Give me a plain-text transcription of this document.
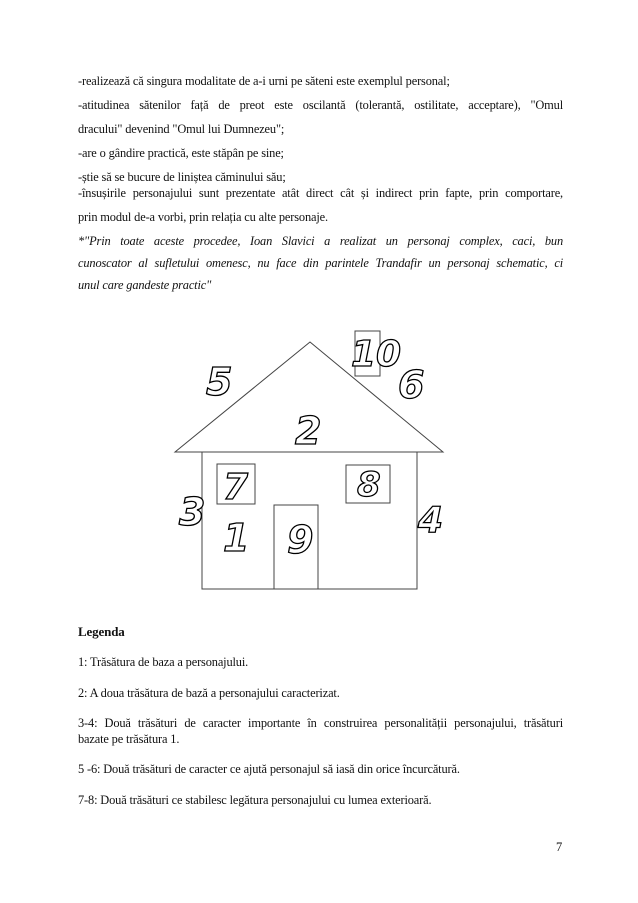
-realizează că singura modalitate de a-i urni pe săteni este exemplul personal;
-atitudinea sătenilor față de preot este oscilantă (tolerantă, ostilitate, acceptare), "Omul
dracului" devenind "Omul lui Dumnezeu";
-are o gândire practică, este stăpân pe sine;
-știe să se bucure de liniștea căminului său;
-însușirile personajului sunt prezentate atât direct cât și indirect prin fapte, prin comportare,
prin modul de-a vorbi, prin relația cu alte personaje.
*"Prin toate aceste procedee, Ioan Slavici a realizat un personaj complex, caci, bun
cunoscator al sufletului omenesc, nu face din parintele Trandafir un personaj schematic, ci
unul care gandeste practic"
5
10
6
2
7	8
3	4
1 9
Legenda
1: Trăsătura de baza a personajului.
2: A doua trăsătura de bază a personajului caracterizat.
3-4: Două trăsături de caracter importante în construirea personalității personajului, trăsături
bazate pe trăsătura 1.
5 -6: Două trăsături de caracter ce ajută personajul să iasă din orice încurcătură.
7-8: Două trăsături ce stabilesc legătura personajului cu lumea exterioară.
7
